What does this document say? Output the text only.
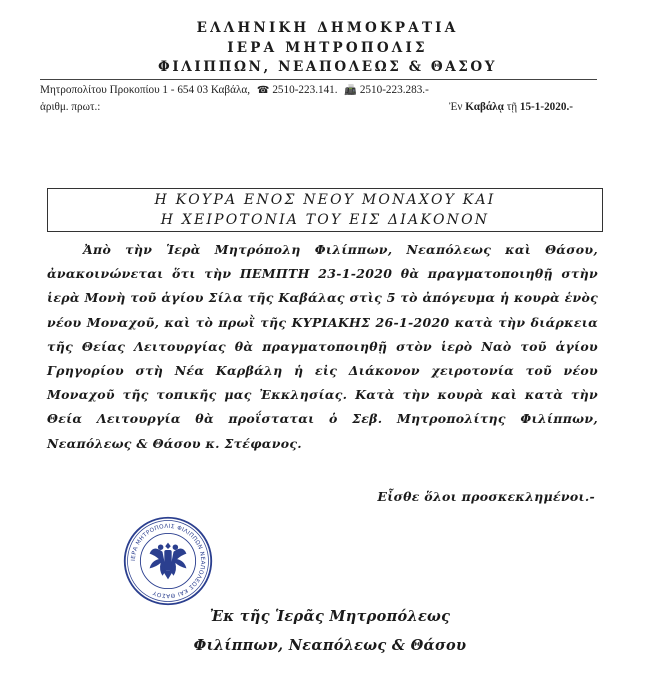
ΕΛΛΗΝΙΚΗ ΔΗΜΟΚΡΑΤΙΑ
ΙΕΡΑ ΜΗΤΡΟΠΟΛΙΣ
ΦΙΛΙΠΠΩΝ, ΝΕΑΠΟΛΕΩΣ & ΘΑΣΟΥ
Μητροπολίτου Προκοπίου 1 - 654 03 Καβάλα, ☎ 2510-223.141. 📠 2510-223.283.-
ἀριθμ. πρωτ.:	Ἐν Καβάλᾳ τῇ 15-1-2020.-
Η ΚΟΥΡΑ ΕΝΟΣ ΝΕΟΥ ΜΟΝΑΧΟΥ ΚΑΙ
Η ΧΕΙΡΟΤΟΝΙΑ ΤΟΥ ΕΙΣ ΔΙΑΚΟΝΟΝ
Ἀπὸ τὴν Ἱερὰ Μητρόπολη Φιλίππων, Νεαπόλεως καὶ Θάσου, ἀνακοινώνεται ὅτι τὴν ΠΕΜΠΤΗ 23-1-2020 θὰ πραγματοποιηθῇ στὴν ἱερὰ Μονὴ τοῦ ἁγίου Σίλα τῆς Καβάλας στὶς 5 τὸ ἀπόγευμα ἡ κουρὰ ἑνὸς νέου Μοναχοῦ, καὶ τὸ πρωῒ τῆς ΚΥΡΙΑΚΗΣ 26-1-2020 κατὰ τὴν διάρκεια τῆς Θείας Λειτουργίας θὰ πραγματοποιηθῇ στὸν ἱερὸ Ναὸ τοῦ ἁγίου Γρηγορίου στὴ Νέα Καρβάλη ἡ εἰς Διάκονον χειροτονία τοῦ νέου Μοναχοῦ τῆς τοπικῆς μας Ἐκκλησίας. Κατὰ τὴν κουρὰ καὶ κατὰ τὴν Θεία Λειτουργία θὰ προΐσταται ὁ Σεβ. Μητροπολίτης Φιλίππων, Νεαπόλεως & Θάσου κ. Στέφανος.
Εἶσθε ὅλοι προσκεκλημένοι.-
ΙΕΡΑ ΜΗΤΡΟΠΟΛΙΣ ΦΙΛΙΠΠΩΝ ΝΕΑΠΟΛΕΩΣ ΚΑΙ ΘΑΣΟΥ
Ἐκ τῆς Ἱερᾶς Μητροπόλεως
Φιλίππων, Νεαπόλεως & Θάσου
